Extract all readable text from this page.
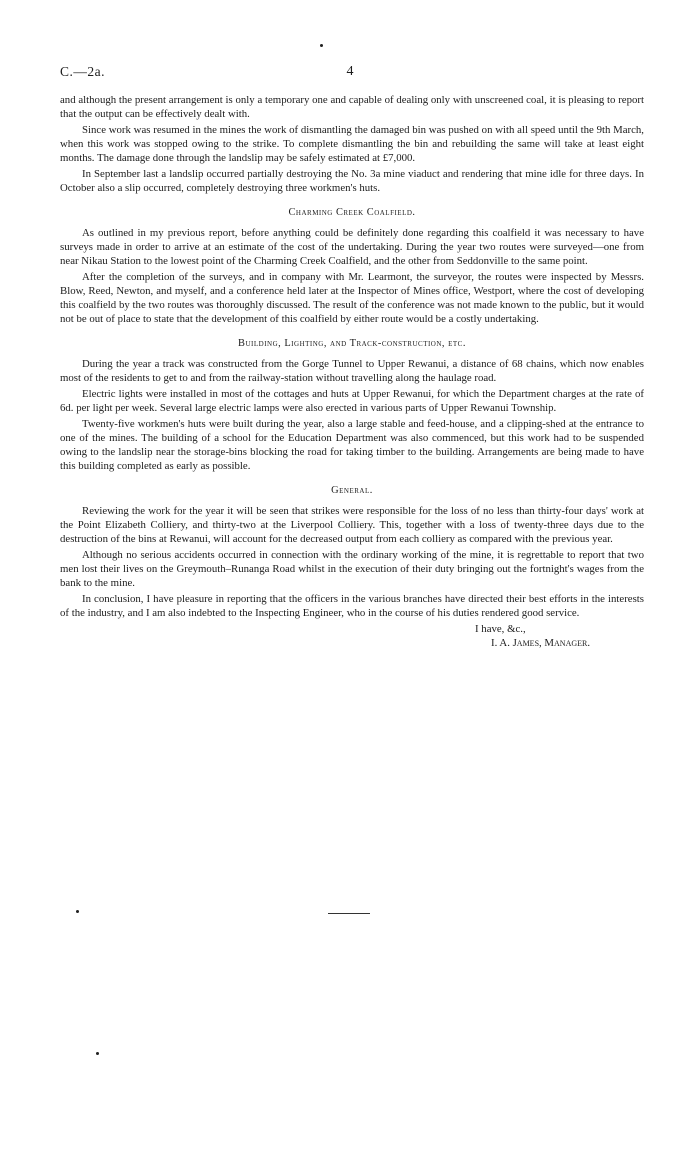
C.—2a.	4

and although the present arrangement is only a temporary one and capable of dealing only with unscreened coal, it is pleasing to report that the output can be effectively dealt with.

Since work was resumed in the mines the work of dismantling the damaged bin was pushed on with all speed until the 9th March, when this work was stopped owing to the strike. To complete dismantling the bin and rebuilding the same will take at least eight months. The damage done through the landslip may be safely estimated at £7,000.

In September last a landslip occurred partially destroying the No. 3a mine viaduct and rendering that mine idle for three days. In October also a slip occurred, completely destroying three workmen's huts.

Charming Creek Coalfield.

As outlined in my previous report, before anything could be definitely done regarding this coalfield it was necessary to have surveys made in order to arrive at an estimate of the cost of the undertaking. During the year two routes were surveyed—one from near Nikau Station to the lowest point of the Charming Creek Coalfield, and the other from Seddonville to the same point.

After the completion of the surveys, and in company with Mr. Learmont, the surveyor, the routes were inspected by Messrs. Blow, Reed, Newton, and myself, and a conference held later at the Inspector of Mines office, Westport, where the cost of developing this coalfield by the two routes was thoroughly discussed. The result of the conference was not made known to the public, but it would not be out of place to state that the development of this coalfield by either route would be a costly undertaking.

Building, Lighting, and Track-construction, etc.

During the year a track was constructed from the Gorge Tunnel to Upper Rewanui, a distance of 68 chains, which now enables most of the residents to get to and from the railway-station without travelling along the haulage road.

Electric lights were installed in most of the cottages and huts at Upper Rewanui, for which the Department charges at the rate of 6d. per light per week. Several large electric lamps were also erected in various parts of Upper Rewanui Township.

Twenty-five workmen's huts were built during the year, also a large stable and feed-house, and a clipping-shed at the entrance to one of the mines. The building of a school for the Education Department was also commenced, but this work had to be suspended owing to the landslip near the storage-bins blocking the road for taking timber to the building. Arrangements are being made to have this building completed as early as possible.

General.

Reviewing the work for the year it will be seen that strikes were responsible for the loss of no less than thirty-four days' work at the Point Elizabeth Colliery, and thirty-two at the Liverpool Colliery. This, together with a loss of twenty-three days due to the destruction of the bins at Rewanui, will account for the decreased output from each colliery as compared with the previous year.

Although no serious accidents occurred in connection with the ordinary working of the mine, it is regrettable to report that two men lost their lives on the Greymouth–Runanga Road whilst in the execution of their duty bringing out the fortnight's wages from the bank to the mine.

In conclusion, I have pleasure in reporting that the officers in the various branches have directed their best efforts in the interests of the industry, and I am also indebted to the Inspecting Engineer, who in the course of his duties rendered good service.

I have, &c.,
I. A. James, Manager.
